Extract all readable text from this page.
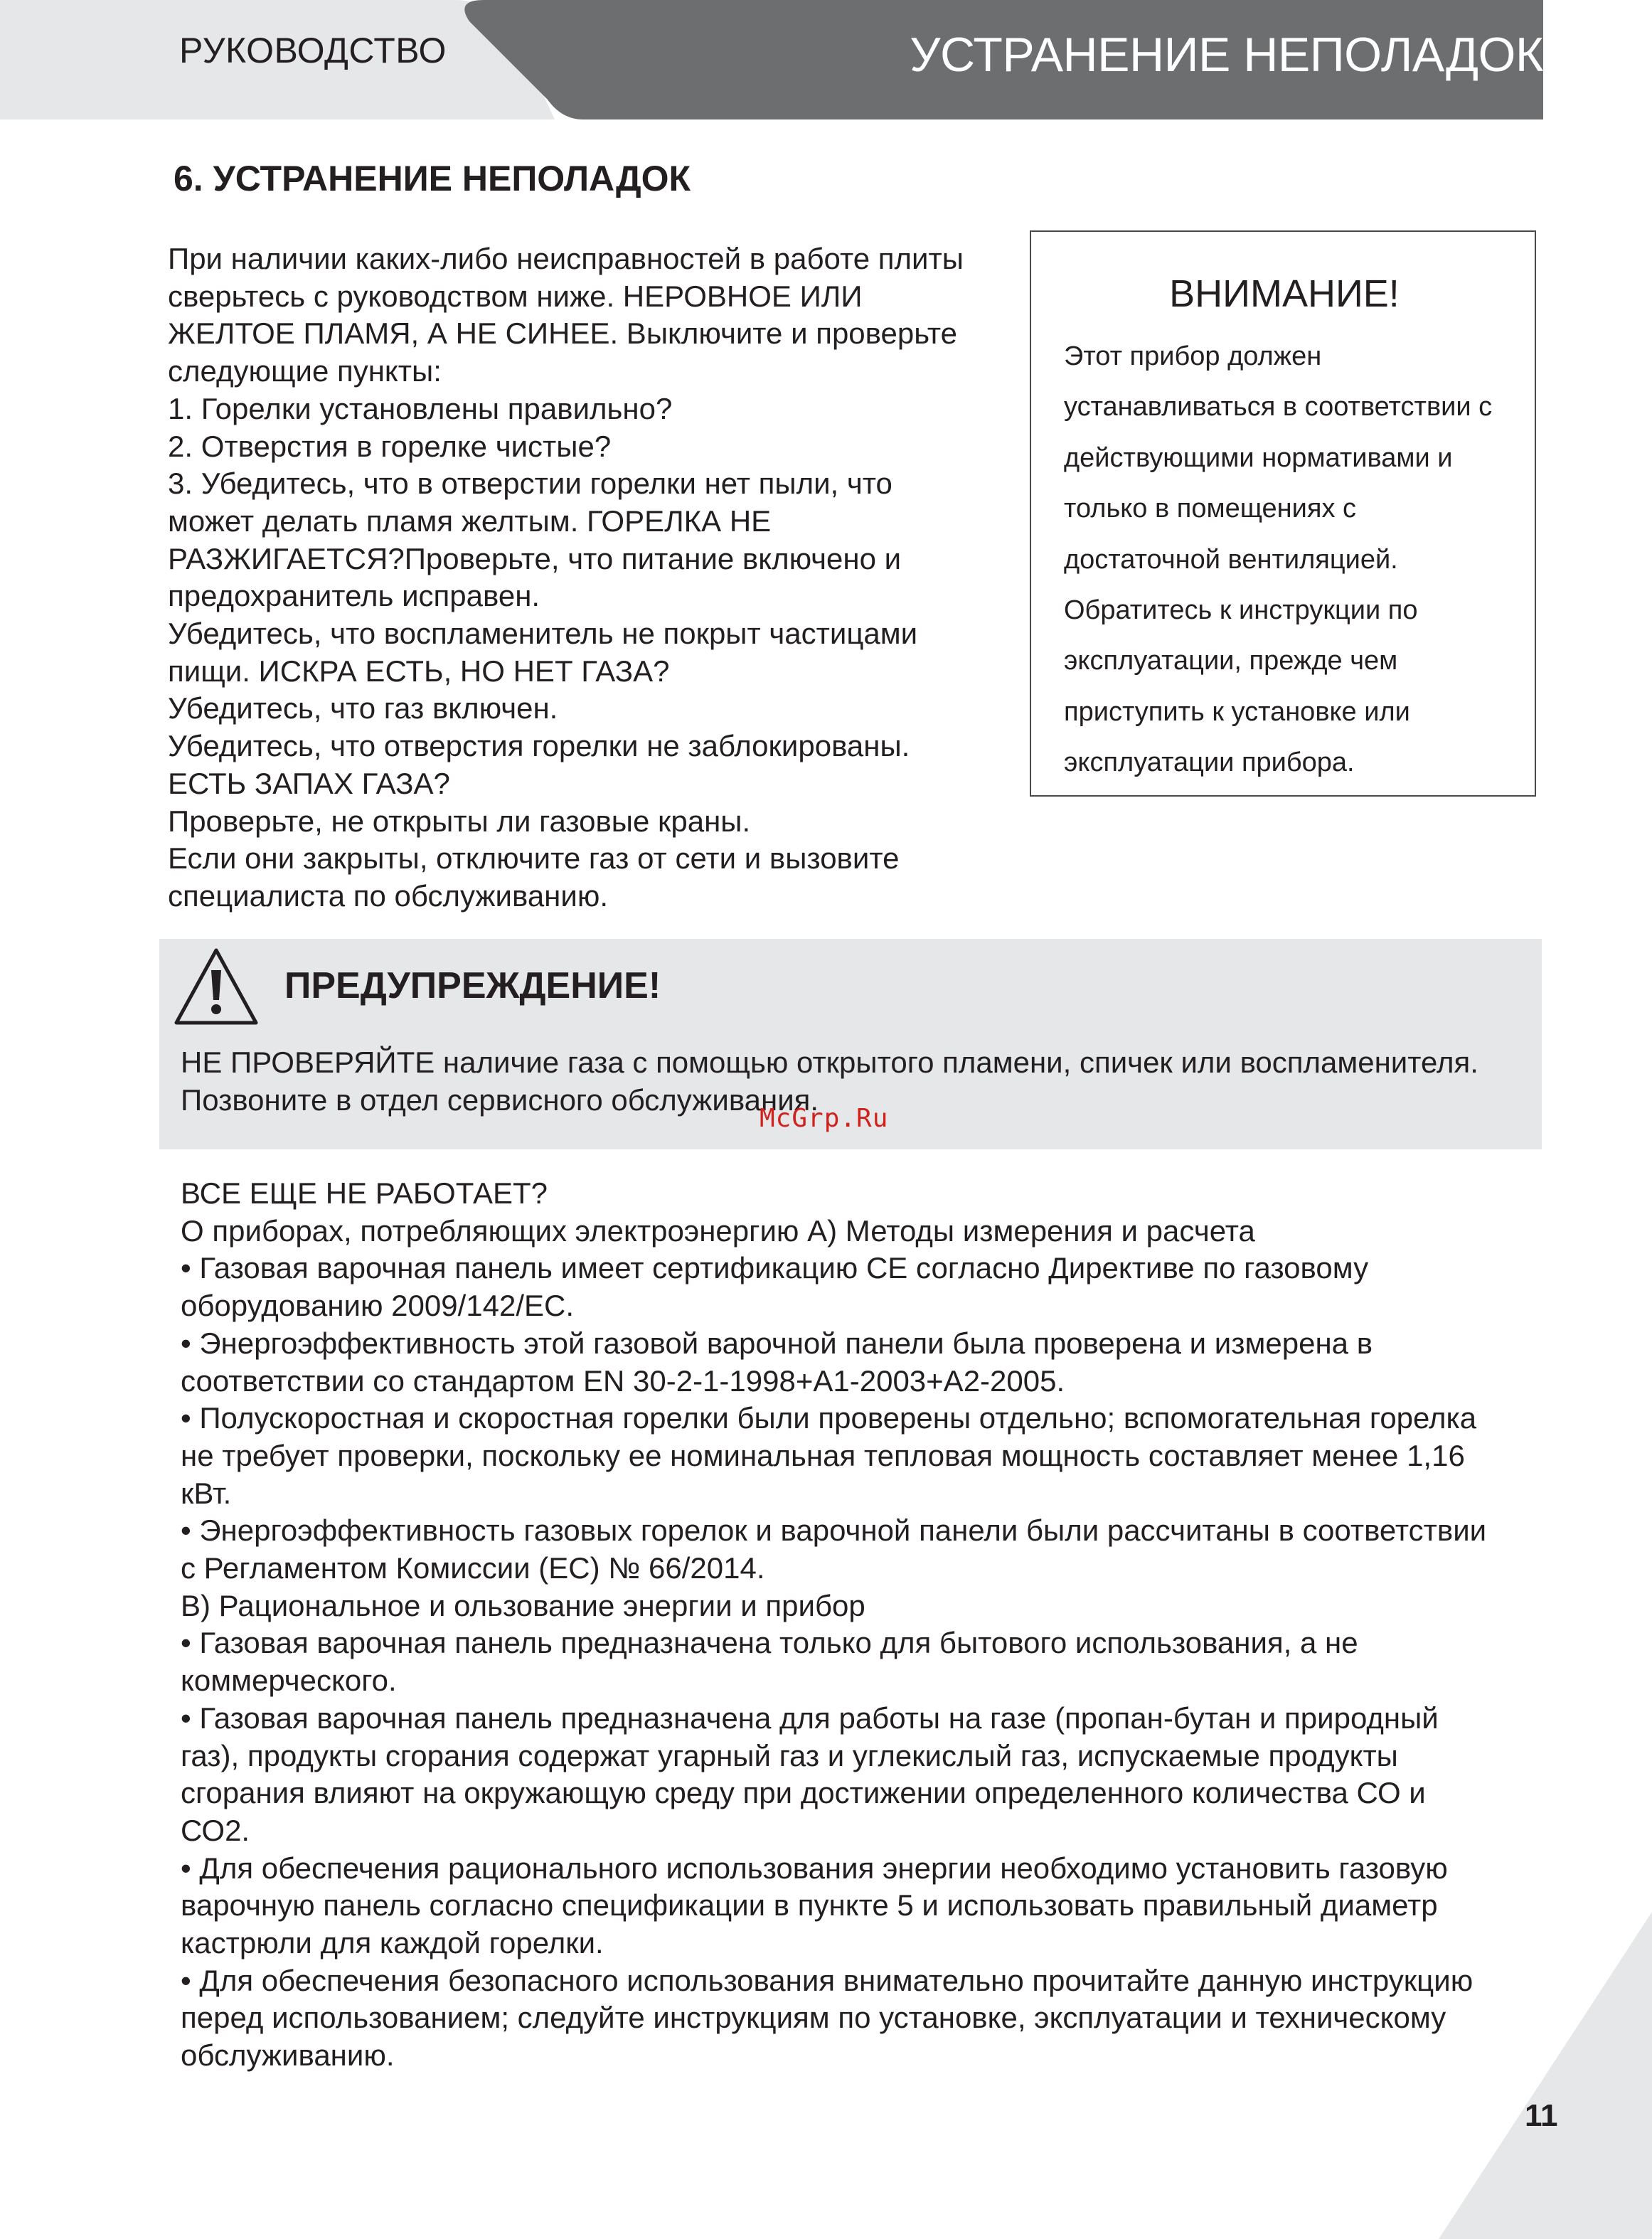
РУКОВОДСТВО	УСТРАНЕНИЕ НЕПОЛАДОК
6. УСТРАНЕНИЕ НЕПОЛАДОК
При наличии каких-либо неисправностей в работе плиты
сверьтесь с руководством ниже. НЕРОВНОЕ ИЛИ
ЖЕЛТОЕ ПЛАМЯ, А НЕ СИНЕЕ. Выключите и проверьте
следующие пункты:
1. Горелки установлены правильно?
2. Отверстия в горелке чистые?
3. Убедитесь, что в отверстии горелки нет пыли, что
может делать пламя желтым. ГОРЕЛКА НЕ
РАЗЖИГАЕТСЯ?Проверьте, что питание включено и
предохранитель исправен.
Убедитесь, что воспламенитель не покрыт частицами
пищи. ИСКРА ЕСТЬ, НО НЕТ ГАЗА?
Убедитесь, что газ включен.
Убедитесь, что отверстия горелки не заблокированы.
ЕСТЬ ЗАПАХ ГАЗА?
Проверьте, не открыты ли газовые краны.
Если они закрыты, отключите газ от сети и вызовите
специалиста по обслуживанию.
ВНИМАНИЕ!
Этот прибор должен
устанавливаться в соответствии с
действующими нормативами и
только в помещениях с
достаточной вентиляцией.
Обратитесь к инструкции по
эксплуатации, прежде чем
приступить к установке или
эксплуатации прибора.
ПРЕДУПРЕЖДЕНИЕ!
НЕ ПРОВЕРЯЙТЕ наличие газа с помощью открытого пламени, спичек или воспламенителя.
Позвоните в отдел сервисного обслуживания.
McGrp.Ru
ВСЕ ЕЩЕ НЕ РАБОТАЕТ?
О приборах, потребляющих электроэнергию А) Методы измерения и расчета
• Газовая варочная панель имеет сертификацию CE согласно Директиве по газовому
оборудованию 2009/142/EC.
• Энергоэффективность этой газовой варочной панели была проверена и измерена в
соответствии со стандартом EN 30-2-1-1998+A1-2003+A2-2005.
• Полускоростная и скоростная горелки были проверены отдельно; вспомогательная горелка
не требует проверки, поскольку ее номинальная тепловая мощность составляет менее 1,16
кВт.
• Энергоэффективность газовых горелок и варочной панели были рассчитаны в соответствии
с Регламентом Комиссии (ЕС) № 66/2014.
В) Рациональное и ользование энергии и прибор
• Газовая варочная панель предназначена только для бытового использования, а не
коммерческого.
• Газовая варочная панель предназначена для работы на газе (пропан-бутан и природный
газ), продукты сгорания содержат угарный газ и углекислый газ, испускаемые продукты
сгорания влияют на окружающую среду при достижении определенного количества СО и
СО2.
• Для обеспечения рационального использования энергии необходимо установить газовую
варочную панель согласно спецификации в пункте 5 и использовать правильный диаметр
кастрюли для каждой горелки.
• Для обеспечения безопасного использования внимательно прочитайте данную инструкцию
перед использованием; следуйте инструкциям по установке, эксплуатации и техническому
обслуживанию.
11
